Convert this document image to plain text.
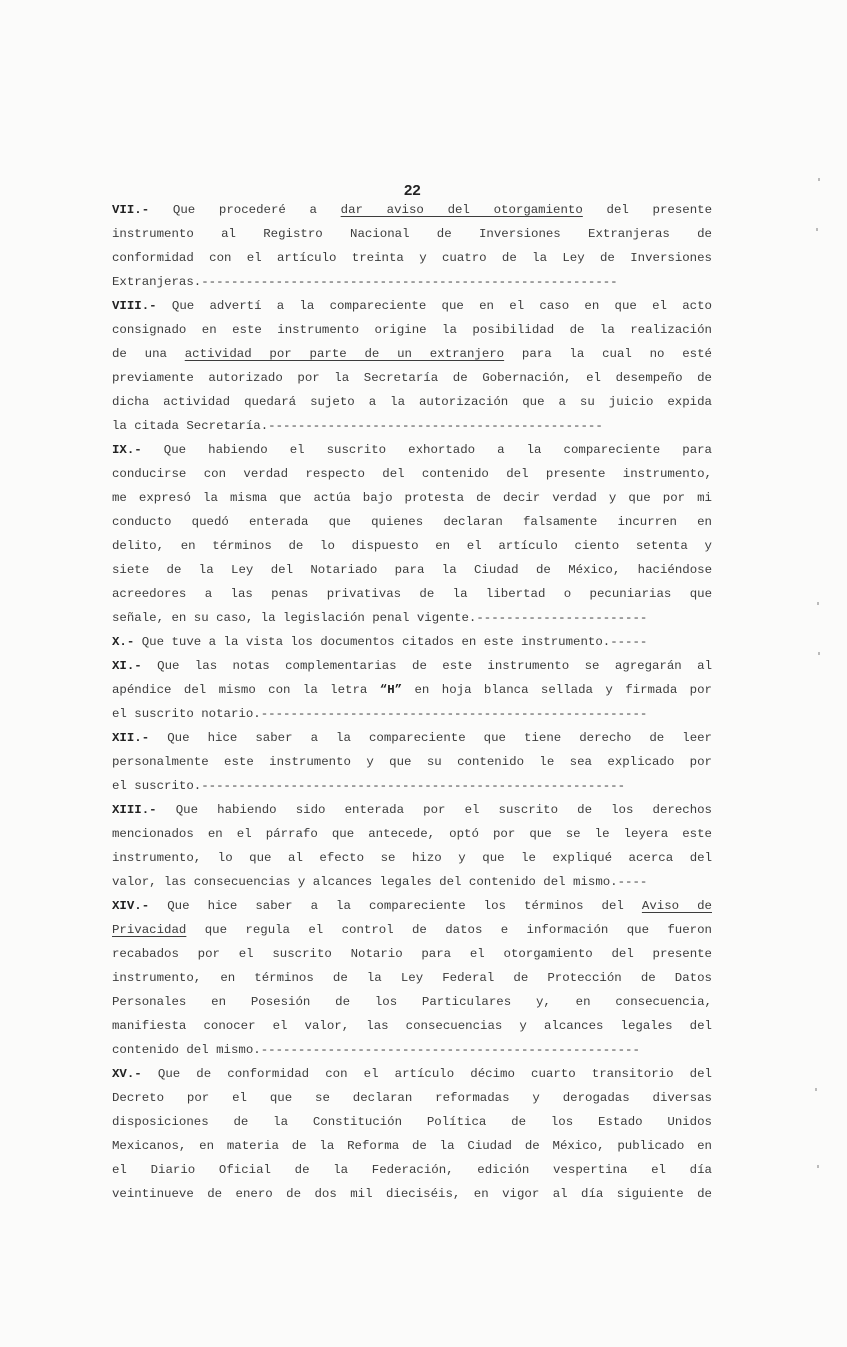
22
VII.- Que procederé a dar aviso del otorgamiento del presente
instrumento al Registro Nacional de Inversiones Extranjeras de
conformidad con el artículo treinta y cuatro de la Ley de Inversiones
Extranjeras.--------------------------------------------------------
VIII.- Que advertí a la compareciente que en el caso en que el acto
consignado en este instrumento origine la posibilidad de la realización
de una actividad por parte de un extranjero para la cual no esté
previamente autorizado por la Secretaría de Gobernación, el desempeño de
dicha actividad quedará sujeto a la autorización que a su juicio expida
la citada Secretaría.---------------------------------------------
IX.- Que habiendo el suscrito exhortado a la compareciente para
conducirse con verdad respecto del contenido del presente instrumento,
me expresó la misma que actúa bajo protesta de decir verdad y que por mi
conducto quedó enterada que quienes declaran falsamente incurren en
delito, en términos de lo dispuesto en el artículo ciento setenta y
siete de la Ley del Notariado para la Ciudad de México, haciéndose
acreedores a las penas privativas de la libertad o pecuniarias que
señale, en su caso, la legislación penal vigente.-----------------------
X.- Que tuve a la vista los documentos citados en este instrumento.-----
XI.- Que las notas complementarias de este instrumento se agregarán al
apéndice del mismo con la letra “H” en hoja blanca sellada y firmada por
el suscrito notario.----------------------------------------------------
XII.- Que hice saber a la compareciente que tiene derecho de leer
personalmente este instrumento y que su contenido le sea explicado por
el suscrito.---------------------------------------------------------
XIII.- Que habiendo sido enterada por el suscrito de los derechos
mencionados en el párrafo que antecede, optó por que se le leyera este
instrumento, lo que al efecto se hizo y que le expliqué acerca del
valor, las consecuencias y alcances legales del contenido del mismo.----
XIV.- Que hice saber a la compareciente los términos del Aviso de
Privacidad que regula el control de datos e información que fueron
recabados por el suscrito Notario para el otorgamiento del presente
instrumento, en términos de la Ley Federal de Protección de Datos
Personales en Posesión de los Particulares y, en consecuencia,
manifiesta conocer el valor, las consecuencias y alcances legales del
contenido del mismo.---------------------------------------------------
XV.- Que de conformidad con el artículo décimo cuarto transitorio del
Decreto por el que se declaran reformadas y derogadas diversas
disposiciones de la Constitución Política de los Estado Unidos
Mexicanos, en materia de la Reforma de la Ciudad de México, publicado en
el Diario Oficial de la Federación, edición vespertina el día
veintinueve de enero de dos mil dieciséis, en vigor al día siguiente de
